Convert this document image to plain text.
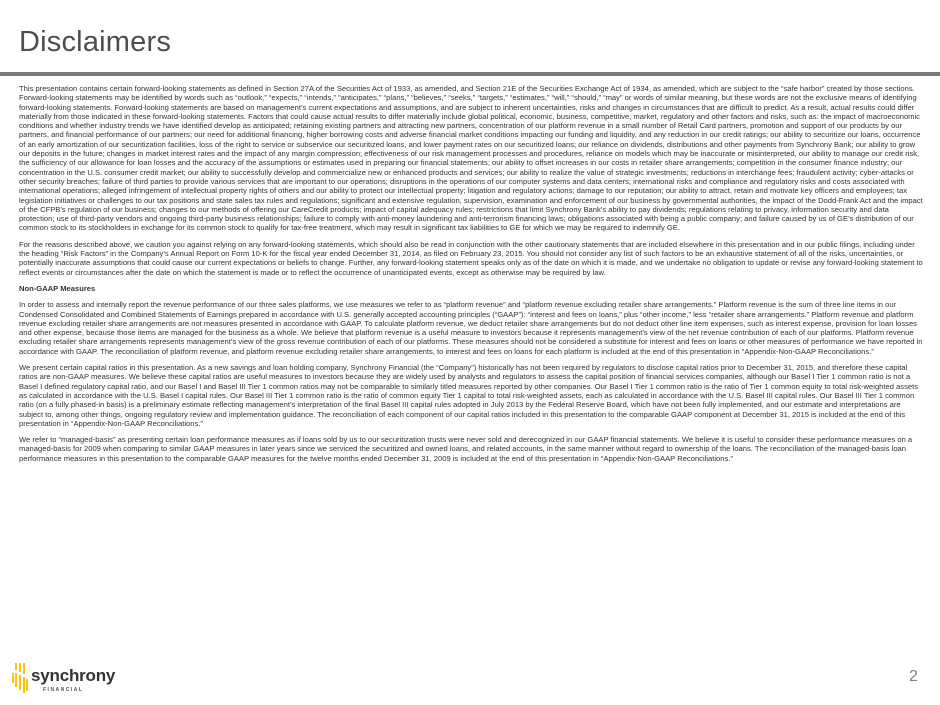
Disclaimers

This presentation contains certain forward-looking statements as defined in Section 27A of the Securities Act of 1933, as amended, and Section 21E of the Securities Exchange Act of 1934, as amended, which are subject to the “safe harbor” created by those sections. Forward-looking statements may be identified by words such as “outlook,” “expects,” “intends,” “anticipates,” “plans,” “believes,” “seeks,” “targets,” “estimates,” “will,” “should,” “may” or words of similar meaning, but these words are not the exclusive means of identifying forward-looking statements. Forward-looking statements are based on management’s current expectations and assumptions, and are subject to inherent uncertainties, risks and changes in circumstances that are difficult to predict. As a result, actual results could differ materially from those indicated in these forward-looking statements. Factors that could cause actual results to differ materially include global political, economic, business, competitive, market, regulatory and other factors and risks, such as: the impact of macroeconomic conditions and whether industry trends we have identified develop as anticipated; retaining existing partners and attracting new partners, concentration of our platform revenue in a small number of Retail Card partners, promotion and support of our products by our partners, and financial performance of our partners; our need for additional financing, higher borrowing costs and adverse financial market conditions impacting our funding and liquidity, and any reduction in our credit ratings; our ability to securitize our loans, occurrence of an early amortization of our securitization facilities, loss of the right to service or subservice our securitized loans, and lower payment rates on our securitized loans; our reliance on dividends, distributions and other payments from Synchrony Bank; our ability to grow our deposits in the future; changes in market interest rates and the impact of any margin compression; effectiveness of our risk management processes and procedures, reliance on models which may be inaccurate or misinterpreted, our ability to manage our credit risk, the sufficiency of our allowance for loan losses and the accuracy of the assumptions or estimates used in preparing our financial statements; our ability to offset increases in our costs in retailer share arrangements; competition in the consumer finance industry; our concentration in the U.S. consumer credit market; our ability to successfully develop and commercialize new or enhanced products and services; our ability to realize the value of strategic investments; reductions in interchange fees; fraudulent activity; cyber-attacks or other security breaches; failure of third parties to provide various services that are important to our operations; disruptions in the operations of our computer systems and data centers; international risks and compliance and regulatory risks and costs associated with international operations; alleged infringement of intellectual property rights of others and our ability to protect our intellectual property; litigation and regulatory actions; damage to our reputation; our ability to attract, retain and motivate key officers and employees; tax legislation initiatives or challenges to our tax positions and state sales tax rules and regulations; significant and extensive regulation, supervision, examination and enforcement of our business by governmental authorities, the impact of the Dodd-Frank Act and the impact of the CFPB’s regulation of our business; changes to our methods of offering our CareCredit products; impact of capital adequacy rules; restrictions that limit Synchrony Bank’s ability to pay dividends; regulations relating to privacy, information security and data protection; use of third-party vendors and ongoing third-party business relationships; failure to comply with anti-money laundering and anti-terrorism financing laws; obligations associated with being a public company; and failure caused by us of GE’s distribution of our common stock to its stockholders in exchange for its common stock to qualify for tax-free treatment, which may result in significant tax liabilities to GE for which we may be required to indemnify GE.

For the reasons described above, we caution you against relying on any forward-looking statements, which should also be read in conjunction with the other cautionary statements that are included elsewhere in this presentation and in our public filings, including under the heading “Risk Factors” in the Company’s Annual Report on Form 10-K for the fiscal year ended December 31, 2014, as filed on February 23, 2015. You should not consider any list of such factors to be an exhaustive statement of all of the risks, uncertainties, or potentially inaccurate assumptions that could cause our current expectations or beliefs to change. Further, any forward-looking statement speaks only as of the date on which it is made, and we undertake no obligation to update or revise any forward-looking statement to reflect events or circumstances after the date on which the statement is made or to reflect the occurrence of unanticipated events, except as otherwise may be required by law.

Non-GAAP Measures

In order to assess and internally report the revenue performance of our three sales platforms, we use measures we refer to as “platform revenue” and “platform revenue excluding retailer share arrangements.” Platform revenue is the sum of three line items in our Condensed Consolidated and Combined Statements of Earnings prepared in accordance with U.S. generally accepted accounting principles (“GAAP”): “interest and fees on loans,” plus “other income,” less “retailer share arrangements.” Platform revenue and platform revenue excluding retailer share arrangements are not measures presented in accordance with GAAP. To calculate platform revenue, we deduct retailer share arrangements but do not deduct other line item expenses, such as interest expense, provision for loan losses and other expense, because those items are managed for the business as a whole. We believe that platform revenue is a useful measure to investors because it represents management’s view of the net revenue contribution of each of our platforms. Platform revenue excluding retailer share arrangements represents management’s view of the gross revenue contribution of each of our platforms. These measures should not be considered a substitute for interest and fees on loans or other measures of performance we have reported in accordance with GAAP. The reconciliation of platform revenue, and platform revenue excluding retailer share arrangements, to interest and fees on loans for each platform is included at the end of this presentation in “Appendix-Non-GAAP Reconciliations.”

We present certain capital ratios in this presentation. As a new savings and loan holding company, Synchrony Financial (the “Company”) historically has not been required by regulators to disclose capital ratios prior to December 31, 2015, and therefore these capital ratios are non-GAAP measures. We believe these capital ratios are useful measures to investors because they are widely used by analysts and regulators to assess the capital position of financial services companies, although our Basel I Tier 1 common ratio is not a Basel I defined regulatory capital ratio, and our Basel I and Basel III Tier 1 common ratios may not be comparable to similarly titled measures reported by other companies. Our Basel I Tier 1 common ratio is the ratio of Tier 1 common equity to total risk-weighted assets as calculated in accordance with the U.S. Basel I capital rules. Our Basel III Tier 1 common ratio is the ratio of common equity Tier 1 capital to total risk-weighted assets, each as calculated in accordance with the U.S. Basel III capital rules. Our Basel III Tier 1 common ratio (on a fully phased-in basis) is a preliminary estimate reflecting management’s interpretation of the final Basel III capital rules adopted in July 2013 by the Federal Reserve Board, which have not been fully implemented, and our estimate and interpretations are subject to, among other things, ongoing regulatory review and implementation guidance. The reconciliation of each component of our capital ratios included in this presentation to the comparable GAAP component at December 31, 2015 is included at the end of this presentation in “Appendix-Non-GAAP Reconciliations.”

We refer to “managed-basis” as presenting certain loan performance measures as if loans sold by us to our securitization trusts were never sold and derecognized in our GAAP financial statements. We believe it is useful to consider these performance measures on a managed-basis for 2009 when comparing to similar GAAP measures in later years since we serviced the securitized and owned loans, and related accounts, in the same manner without regard to ownership of the loans. The reconciliation of the managed-basis loan performance measures in this presentation to the comparable GAAP measures for the twelve months ended December 31, 2009 is included at the end of this presentation in “Appendix-Non-GAAP Reconciliations.”

synchrony
FINANCIAL
2
